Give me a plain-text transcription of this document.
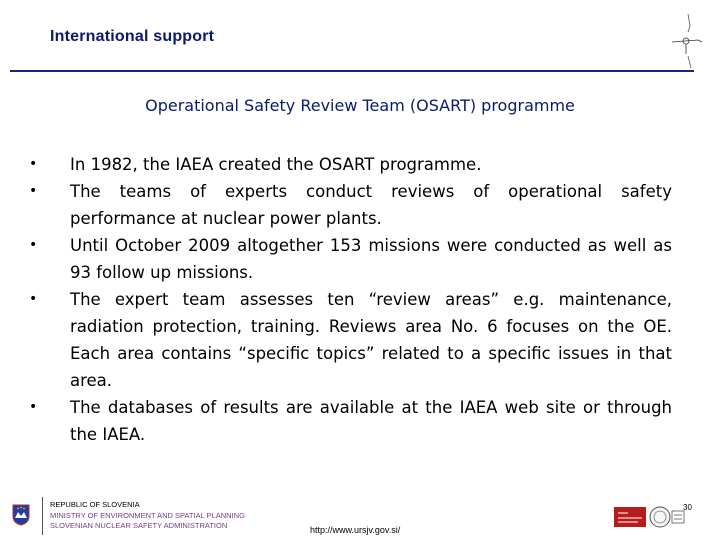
International support
Operational Safety Review Team (OSART) programme
• In 1982, the IAEA created the OSART programme.
• The teams of experts conduct reviews of operational safety performance at nuclear power plants.
• Until October 2009 altogether 153 missions were conducted as well as 93 follow up missions.
• The expert team assesses ten “review areas” e.g. maintenance, radiation protection, training. Reviews area No. 6 focuses on the OE. Each area contains “specific topics” related to a specific issues in that area.
• The databases of results are available at the IAEA web site or through the IAEA.
REPUBLIC OF SLOVENIA
MINISTRY OF ENVIRONMENT AND SPATIAL PLANNING
SLOVENIAN NUCLEAR SAFETY ADMINISTRATION	http://www.ursjv.gov.si/
30
